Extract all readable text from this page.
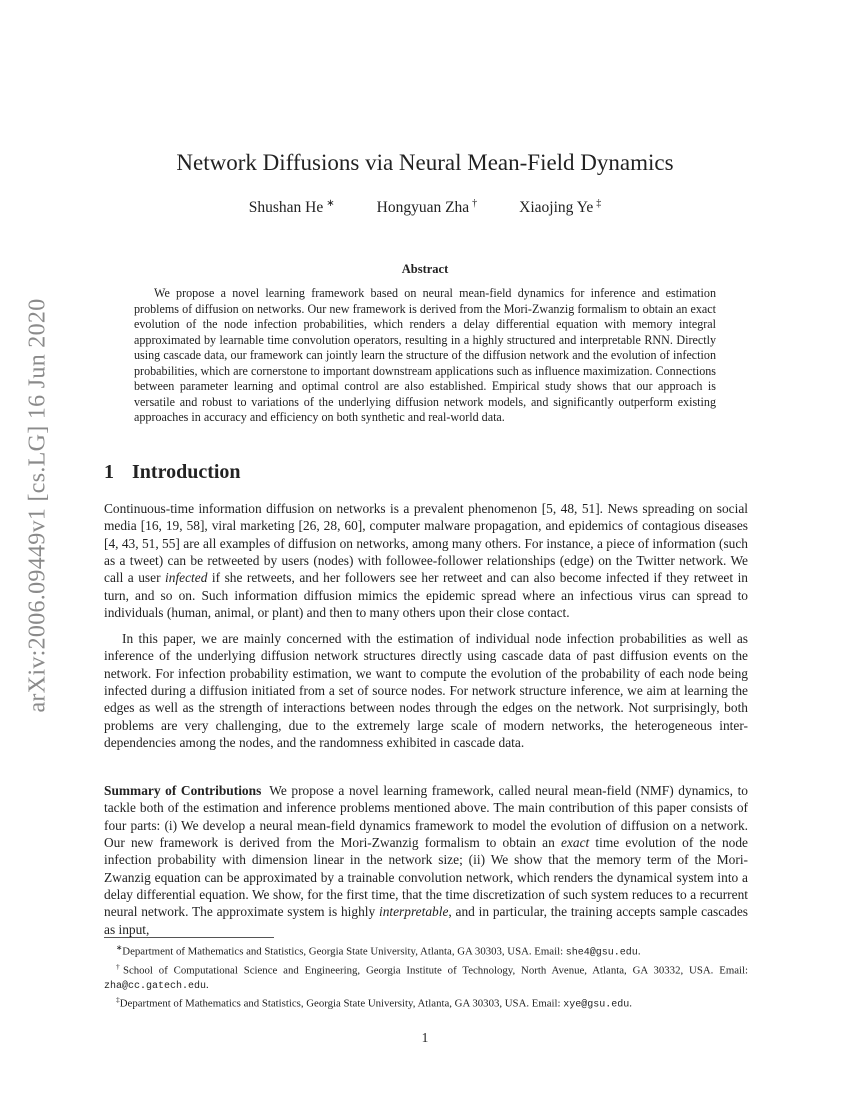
arXiv:2006.09449v1 [cs.LG] 16 Jun 2020
Network Diffusions via Neural Mean-Field Dynamics
Shushan He ∗	Hongyuan Zha †	Xiaojing Ye ‡
Abstract

We propose a novel learning framework based on neural mean-field dynamics for inference and estimation problems of diffusion on networks. Our new framework is derived from the Mori-Zwanzig formalism to obtain an exact evolution of the node infection probabilities, which renders a delay differential equation with memory integral approximated by learnable time convolution operators, resulting in a highly structured and interpretable RNN. Directly using cascade data, our framework can jointly learn the structure of the diffusion network and the evolution of infection probabilities, which are cornerstone to important downstream applications such as influence maximization. Connections between parameter learning and optimal control are also established. Empirical study shows that our approach is versatile and robust to variations of the underlying diffusion network models, and significantly outperform existing approaches in accuracy and efficiency on both synthetic and real-world data.

1 Introduction

Continuous-time information diffusion on networks is a prevalent phenomenon [5, 48, 51]. News spreading on social media [16, 19, 58], viral marketing [26, 28, 60], computer malware propagation, and epidemics of contagious diseases [4, 43, 51, 55] are all examples of diffusion on networks, among many others. For instance, a piece of information (such as a tweet) can be retweeted by users (nodes) with followee-follower relationships (edge) on the Twitter network. We call a user infected if she retweets, and her followers see her retweet and can also become infected if they retweet in turn, and so on. Such information diffusion mimics the epidemic spread where an infectious virus can spread to individuals (human, animal, or plant) and then to many others upon their close contact.

In this paper, we are mainly concerned with the estimation of individual node infection probabilities as well as inference of the underlying diffusion network structures directly using cascade data of past diffusion events on the network. For infection probability estimation, we want to compute the evolution of the probability of each node being infected during a diffusion initiated from a set of source nodes. For network structure inference, we aim at learning the edges as well as the strength of interactions between nodes through the edges on the network. Not surprisingly, both problems are very challenging, due to the extremely large scale of modern networks, the heterogeneous inter-dependencies among the nodes, and the randomness exhibited in cascade data.

Summary of Contributions We propose a novel learning framework, called neural mean-field (NMF) dynamics, to tackle both of the estimation and inference problems mentioned above. The main contribution of this paper consists of four parts: (i) We develop a neural mean-field dynamics framework to model the evolution of diffusion on a network. Our new framework is derived from the Mori-Zwanzig formalism to obtain an exact time evolution of the node infection probability with dimension linear in the network size; (ii) We show that the memory term of the Mori-Zwanzig equation can be approximated by a trainable convolution network, which renders the dynamical system into a delay differential equation. We show, for the first time, that the time discretization of such system reduces to a recurrent neural network. The approximate system is highly interpretable, and in particular, the training accepts sample cascades as input,

∗Department of Mathematics and Statistics, Georgia State University, Atlanta, GA 30303, USA. Email: she4@gsu.edu.

†School of Computational Science and Engineering, Georgia Institute of Technology, North Avenue, Atlanta, GA 30332, USA. Email: zha@cc.gatech.edu.

‡Department of Mathematics and Statistics, Georgia State University, Atlanta, GA 30303, USA. Email: xye@gsu.edu.

1
